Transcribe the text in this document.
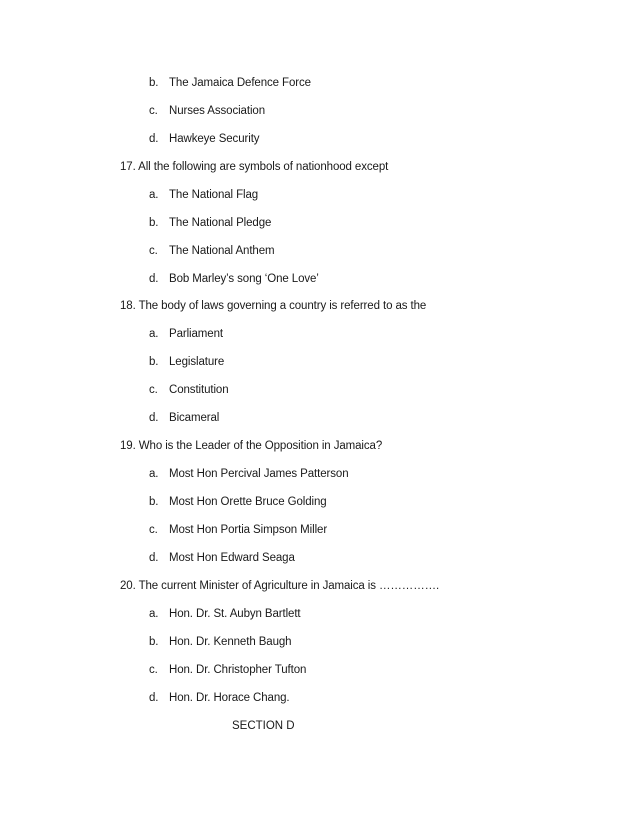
b. The Jamaica Defence Force
c. Nurses Association
d. Hawkeye Security
17. All the following are symbols of nationhood except
a. The National Flag
b. The National Pledge
c. The National Anthem
d. Bob Marley’s song ‘One Love’
18. The body of laws governing a country is referred to as the
a. Parliament
b. Legislature
c. Constitution
d. Bicameral
19. Who is the Leader of the Opposition in Jamaica?
a. Most Hon Percival James Patterson
b. Most Hon Orette Bruce Golding
c. Most Hon Portia Simpson Miller
d. Most Hon Edward Seaga
20. The current Minister of Agriculture in Jamaica is …………….
a. Hon. Dr. St. Aubyn Bartlett
b. Hon. Dr. Kenneth Baugh
c. Hon. Dr. Christopher Tufton
d. Hon. Dr. Horace Chang.
SECTION D
